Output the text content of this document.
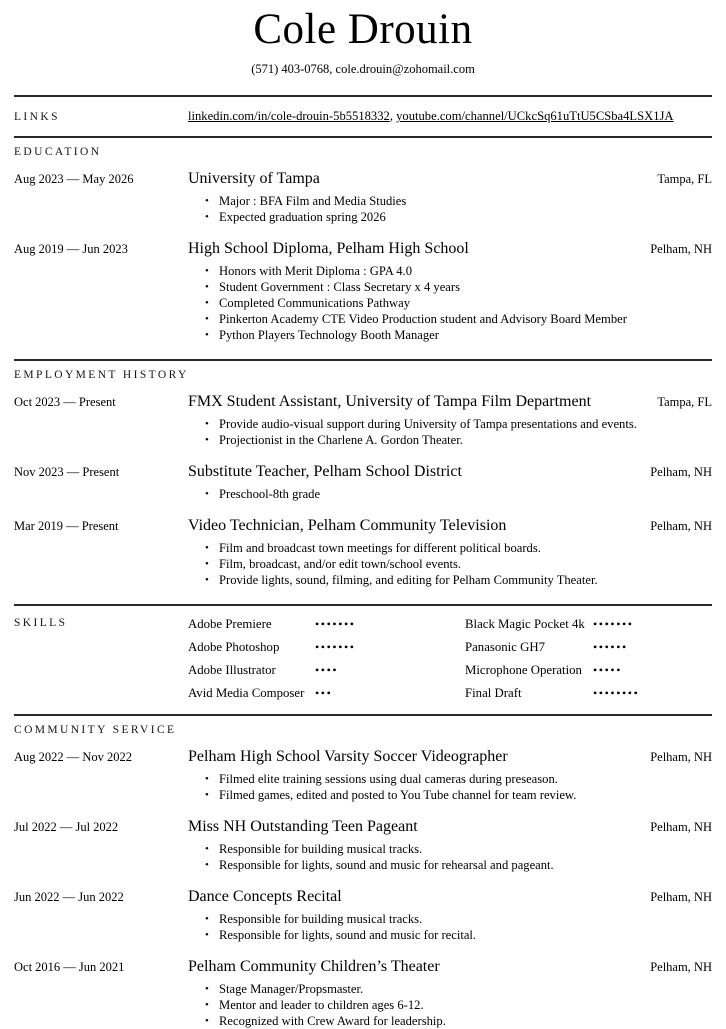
Cole Drouin
(571) 403-0768, cole.drouin@zohomail.com
LINKS	linkedin.com/in/cole-drouin-5b5518332, youtube.com/channel/UCkcSq61uTtU5CSba4LSX1JA
EDUCATION
Aug 2023 — May 2026	University of Tampa	Tampa, FL
• Major : BFA Film and Media Studies
• Expected graduation spring 2026
Aug 2019 — Jun 2023	High School Diploma, Pelham High School	Pelham, NH
• Honors with Merit Diploma : GPA 4.0
• Student Government : Class Secretary x 4 years
• Completed Communications Pathway
• Pinkerton Academy CTE Video Production student and Advisory Board Member
• Python Players Technology Booth Manager
EMPLOYMENT HISTORY
Oct 2023 — Present	FMX Student Assistant, University of Tampa Film Department	Tampa, FL
• Provide audio-visual support during University of Tampa presentations and events.
• Projectionist in the Charlene A. Gordon Theater.
Nov 2023 — Present	Substitute Teacher, Pelham School District	Pelham, NH
• Preschool-8th grade
Mar 2019 — Present	Video Technician, Pelham Community Television	Pelham, NH
• Film and broadcast town meetings for different political boards.
• Film, broadcast, and/or edit town/school events.
• Provide lights, sound, filming, and editing for Pelham Community Theater.
SKILLS	Adobe Premiere	•••••••	Black Magic Pocket 4k •••••••
Adobe Photoshop	•••••••	Panasonic GH7	••••••
Adobe Illustrator	••••	Microphone Operation •••••
Avid Media Composer •••	Final Draft	••••••••
COMMUNITY SERVICE
Aug 2022 — Nov 2022	Pelham High School Varsity Soccer Videographer	Pelham, NH
• Filmed elite training sessions using dual cameras during preseason.
• Filmed games, edited and posted to You Tube channel for team review.
Jul 2022 — Jul 2022	Miss NH Outstanding Teen Pageant	Pelham, NH
• Responsible for building musical tracks.
• Responsible for lights, sound and music for rehearsal and pageant.
Jun 2022 — Jun 2022	Dance Concepts Recital	Pelham, NH
• Responsible for building musical tracks.
• Responsible for lights, sound and music for recital.
Oct 2016 — Jun 2021	Pelham Community Children’s Theater	Pelham, NH
• Stage Manager/Propsmaster.
• Mentor and leader to children ages 6-12.
• Recognized with Crew Award for leadership.
